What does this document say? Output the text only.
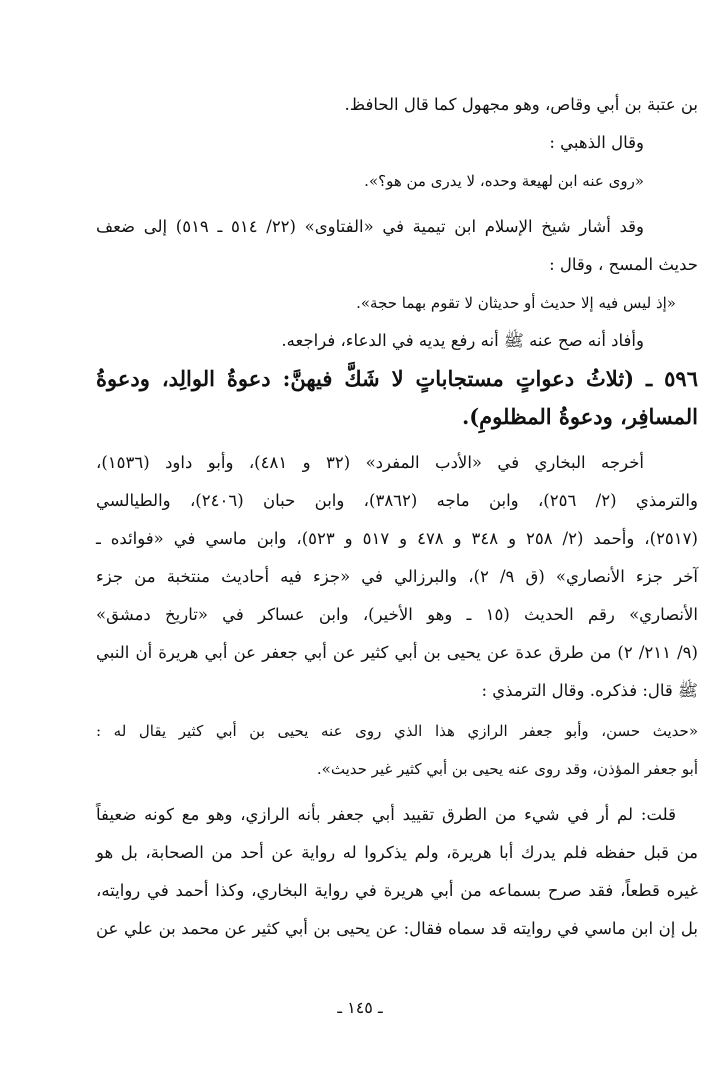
بن عتبة بن أبي وقاص، وهو مجهول كما قال الحافظ.
وقال الذهبي :
«روى عنه ابن لهيعة وحده، لا يدرى من هو؟».
وقد أشار شيخ الإسلام ابن تيمية في «الفتاوى» (٢٢/ ٥١٤ ـ ٥١٩) إلى ضعف
حديث المسح ، وقال :
«إذ ليس فيه إلا حديث أو حديثان لا تقوم بهما حجة».
وأفاد أنه صح عنه ﷺ أنه رفع يديه في الدعاء، فراجعه.
٥٩٦ ـ (ثلاثُ دعواتٍ مستجاباتٍ لا شَكَّ فيهنَّ: دعوةُ الوالِد، ودعوةُ
المسافِر، ودعوةُ المظلومِ).
أخرجه البخاري في «الأدب المفرد» (٣٢ و ٤٨١)، وأبو داود (١٥٣٦)،
والترمذي (٢/ ٢٥٦)، وابن ماجه (٣٨٦٢)، وابن حبان (٢٤٠٦)، والطيالسي
(٢٥١٧)، وأحمد (٢/ ٢٥٨ و ٣٤٨ و ٤٧٨ و ٥١٧ و ٥٢٣)، وابن ماسي في «فوائده ـ
آخر جزء الأنصاري» (ق ٩/ ٢)، والبرزالي في «جزء فيه أحاديث منتخبة من جزء
الأنصاري» رقم الحديث (١٥ ـ وهو الأخير)، وابن عساكر في «تاريخ دمشق»
(٩/ ٢١١/ ٢) من طرق عدة عن يحيى بن أبي كثير عن أبي جعفر عن أبي هريرة أن النبي
ﷺ قال: فذكره. وقال الترمذي :
«حديث حسن، وأبو جعفر الرازي هذا الذي روى عنه يحيى بن أبي كثير يقال له :
أبو جعفر المؤذن، وقد روى عنه يحيى بن أبي كثير غير حديث».
قلت: لم أر في شيء من الطرق تقييد أبي جعفر بأنه الرازي، وهو مع كونه ضعيفاً
من قبل حفظه فلم يدرك أبا هريرة، ولم يذكروا له رواية عن أحد من الصحابة، بل هو
غيره قطعاً، فقد صرح بسماعه من أبي هريرة في رواية البخاري، وكذا أحمد في روايته،
بل إن ابن ماسي في روايته قد سماه فقال: عن يحيى بن أبي كثير عن محمد بن علي عن
ـ ١٤٥ ـ
